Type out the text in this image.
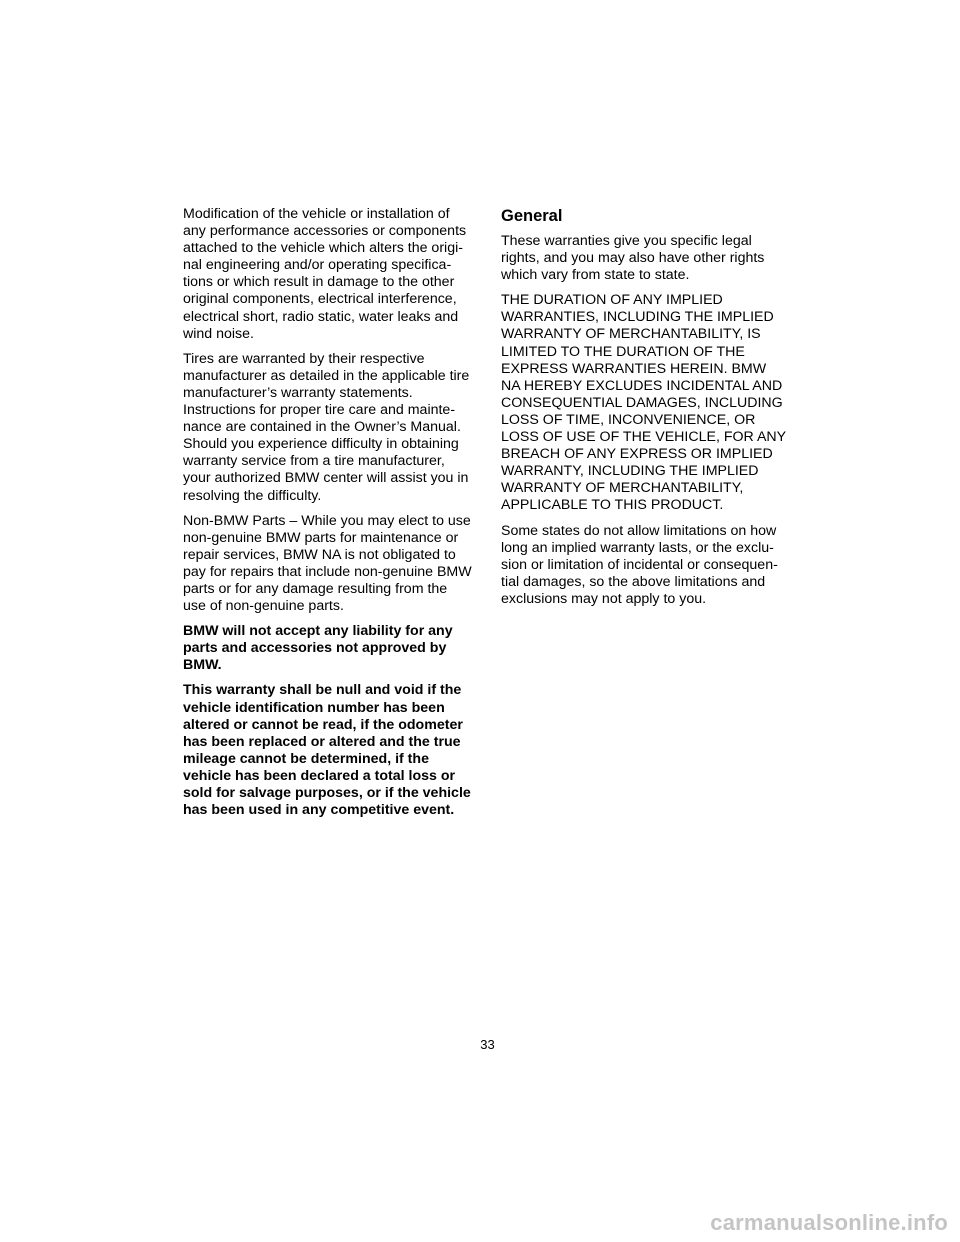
Modification of the vehicle or installation of
any performance accessories or components
attached to the vehicle which alters the origi-
nal engineering and/or operating specifica-
tions or which result in damage to the other
original components, electrical interference,
electrical short, radio static, water leaks and
wind noise.

Tires are warranted by their respective
manufacturer as detailed in the applicable tire
manufacturer’s warranty statements.
Instructions for proper tire care and mainte-
nance are contained in the Owner’s Manual.
Should you experience difficulty in obtaining
warranty service from a tire manufacturer,
your authorized BMW center will assist you in
resolving the difficulty.

Non-BMW Parts – While you may elect to use
non-genuine BMW parts for maintenance or
repair services, BMW NA is not obligated to
pay for repairs that include non-genuine BMW
parts or for any damage resulting from the
use of non-genuine parts.

BMW will not accept any liability for any
parts and accessories not approved by
BMW.

This warranty shall be null and void if the
vehicle identification number has been
altered or cannot be read, if the odometer
has been replaced or altered and the true
mileage cannot be determined, if the
vehicle has been declared a total loss or
sold for salvage purposes, or if the vehicle
has been used in any competitive event.

General

These warranties give you specific legal
rights, and you may also have other rights
which vary from state to state.

THE DURATION OF ANY IMPLIED
WARRANTIES, INCLUDING THE IMPLIED
WARRANTY OF MERCHANTABILITY, IS
LIMITED TO THE DURATION OF THE
EXPRESS WARRANTIES HEREIN. BMW
NA HEREBY EXCLUDES INCIDENTAL AND
CONSEQUENTIAL DAMAGES, INCLUDING
LOSS OF TIME, INCONVENIENCE, OR
LOSS OF USE OF THE VEHICLE, FOR ANY
BREACH OF ANY EXPRESS OR IMPLIED
WARRANTY, INCLUDING THE IMPLIED
WARRANTY OF MERCHANTABILITY,
APPLICABLE TO THIS PRODUCT.

Some states do not allow limitations on how
long an implied warranty lasts, or the exclu-
sion or limitation of incidental or consequen-
tial damages, so the above limitations and
exclusions may not apply to you.

33
carmanualsonline.info
